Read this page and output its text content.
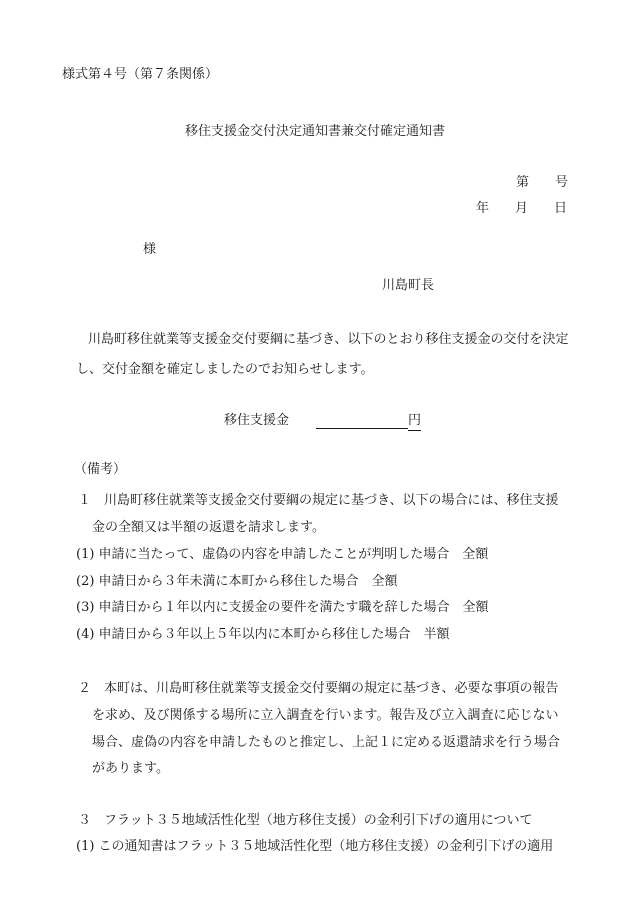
様式第４号（第７条関係）
移住支援金交付決定通知書兼交付確定通知書
第　　号
年　　月　　日
様
川島町長
川島町移住就業等支援金交付要綱に基づき、以下のとおり移住支援金の交付を決定
し、交付金額を確定しましたのでお知らせします。
移住支援金	円
（備考）
１　川島町移住就業等支援金交付要綱の規定に基づき、以下の場合には、移住支援
金の全額又は半額の返還を請求します。
(1) 申請に当たって、虚偽の内容を申請したことが判明した場合　全額
(2) 申請日から３年未満に本町から移住した場合　全額
(3) 申請日から１年以内に支援金の要件を満たす職を辞した場合　全額
(4) 申請日から３年以上５年以内に本町から移住した場合　半額
２　本町は、川島町移住就業等支援金交付要綱の規定に基づき、必要な事項の報告
を求め、及び関係する場所に立入調査を行います。報告及び立入調査に応じない
場合、虚偽の内容を申請したものと推定し、上記１に定める返還請求を行う場合
があります。
３　フラット３５地域活性化型（地方移住支援）の金利引下げの適用について
(1) この通知書はフラット３５地域活性化型（地方移住支援）の金利引下げの適用
